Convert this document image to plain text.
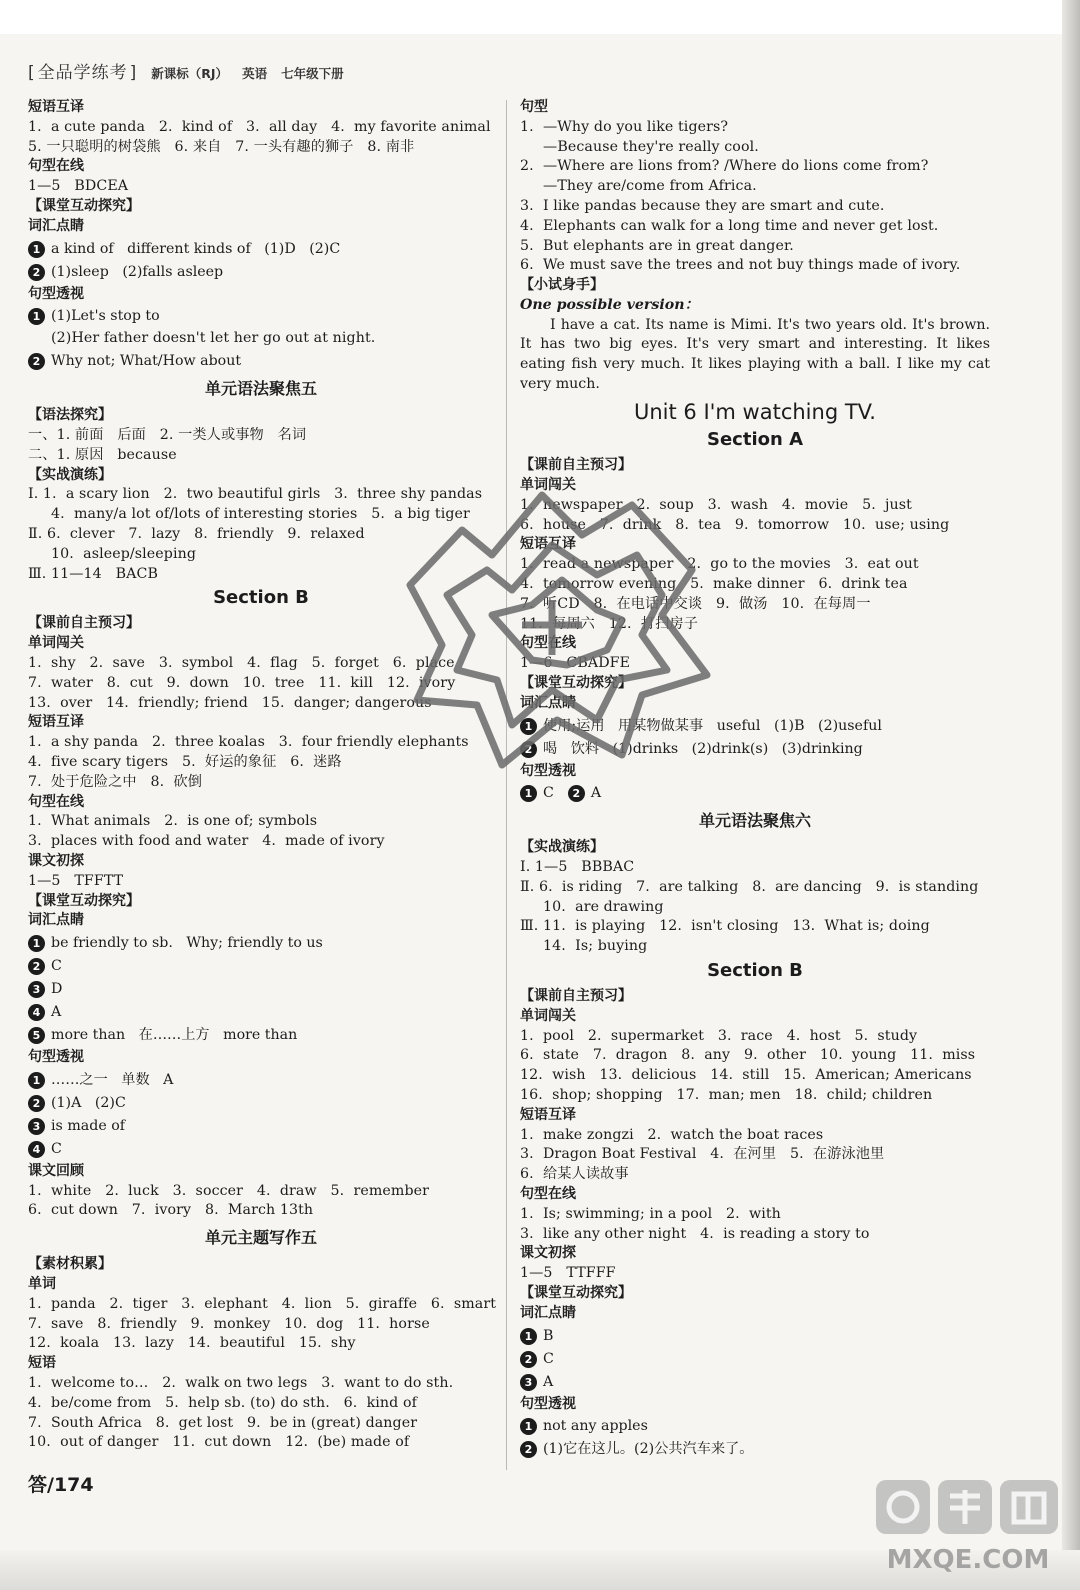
[ 全品学练考 ]	新课标（RJ） 英语 七年级下册
短语互译
1.  a cute panda   2.  kind of   3.  all day   4.  my favorite animal
5. 一只聪明的树袋熊   6. 来自   7. 一头有趣的狮子   8. 南非
句型在线
1—5   BDCEA
【课堂互动探究】
词汇点睛
1 a kind of   different kinds of   (1)D   (2)C
2 (1)sleep   (2)falls asleep
句型透视
1 (1)Let's stop to
(2)Her father doesn't let her go out at night.
2 Why not; What/How about
单元语法聚焦五
【语法探究】
一、1. 前面   后面   2. 一类人或事物   名词
二、1. 原因   because
【实战演练】
Ⅰ. 1.  a scary lion   2.  two beautiful girls   3.  three shy pandas
4.  many/a lot of/lots of interesting stories   5.  a big tiger
Ⅱ. 6.  clever   7.  lazy   8.  friendly   9.  relaxed
10.  asleep/sleeping
Ⅲ. 11—14   BACB
Section B
【课前自主预习】
单词闯关
1.  shy   2.  save   3.  symbol   4.  flag   5.  forget   6.  place
7.  water   8.  cut   9.  down   10.  tree   11.  kill   12.  ivory
13.  over   14.  friendly; friend   15.  danger; dangerous
短语互译
1.  a shy panda   2.  three koalas   3.  four friendly elephants
4.  five scary tigers   5.  好运的象征   6.  迷路
7.  处于危险之中   8.  砍倒
句型在线
1.  What animals   2.  is one of; symbols
3.  places with food and water   4.  made of ivory
课文初探
1—5   TFFTT
【课堂互动探究】
词汇点睛
1 be friendly to sb.   Why; friendly to us
2 C
3 D
4 A
5 more than   在……上方   more than
句型透视
1 ……之一   单数   A
2 (1)A   (2)C
3 is made of
4 C
课文回顾
1.  white   2.  luck   3.  soccer   4.  draw   5.  remember
6.  cut down   7.  ivory   8.  March 13th
单元主题写作五
【素材积累】
单词
1.  panda   2.  tiger   3.  elephant   4.  lion   5.  giraffe   6.  smart
7.  save   8.  friendly   9.  monkey   10.  dog   11.  horse
12.  koala   13.  lazy   14.  beautiful   15.  shy
短语
1.  welcome to…   2.  walk on two legs   3.  want to do sth.
4.  be/come from   5.  help sb. (to) do sth.   6.  kind of
7.  South Africa   8.  get lost   9.  be in (great) danger
10.  out of danger   11.  cut down   12.  (be) made of
句型
1.  —Why do you like tigers?
—Because they're really cool.
2.  —Where are lions from? /Where do lions come from?
—They are/come from Africa.
3.  I like pandas because they are smart and cute.
4.  Elephants can walk for a long time and never get lost.
5.  But elephants are in great danger.
6.  We must save the trees and not buy things made of ivory.
【小试身手】
One possible version：
I have a cat. Its name is Mimi. It's two years old. It's brown. It has two big eyes. It's very smart and interesting. It likes eating fish very much. It likes playing with a ball. I like my cat very much.
Unit 6 I'm watching TV.
Section A
【课前自主预习】
单词闯关
1.  newspaper   2.  soup   3.  wash   4.  movie   5.  just
6.  house   7.  drink   8.  tea   9.  tomorrow   10.  use; using
短语互译
1.  read a newspaper   2.  go to the movies   3.  eat out
4.  tomorrow evening   5.  make dinner   6.  drink tea
7.  听CD   8.  在电话中交谈   9.  做汤   10.  在每周一
11.  每周六   12.  打扫房子
句型在线
1—6   CBADFE
【课堂互动探究】
词汇点睛
1 使用;运用   用某物做某事   useful   (1)B   (2)useful
2 喝   饮料   (1)drinks   (2)drink(s)   (3)drinking
句型透视
1 C	2 A
单元语法聚焦六
【实战演练】
Ⅰ. 1—5   BBBAC
Ⅱ. 6.  is riding   7.  are talking   8.  are dancing   9.  is standing
10.  are drawing
Ⅲ. 11.  is playing   12.  isn't closing   13.  What is; doing
14.  Is; buying
Section B
【课前自主预习】
单词闯关
1.  pool   2.  supermarket   3.  race   4.  host   5.  study
6.  state   7.  dragon   8.  any   9.  other   10.  young   11.  miss
12.  wish   13.  delicious   14.  still   15.  American; Americans
16.  shop; shopping   17.  man; men   18.  child; children
短语互译
1.  make zongzi   2.  watch the boat races
3.  Dragon Boat Festival   4.  在河里   5.  在游泳池里
6.  给某人读故事
句型在线
1.  Is; swimming; in a pool   2.  with
3.  like any other night   4.  is reading a story to
课文初探
1—5   TTFFF
【课堂互动探究】
词汇点睛
1 B
2 C
3 A
句型透视
1 not any apples
2 (1)它在这儿。(2)公共汽车来了。
答/174
MXQE.COM
